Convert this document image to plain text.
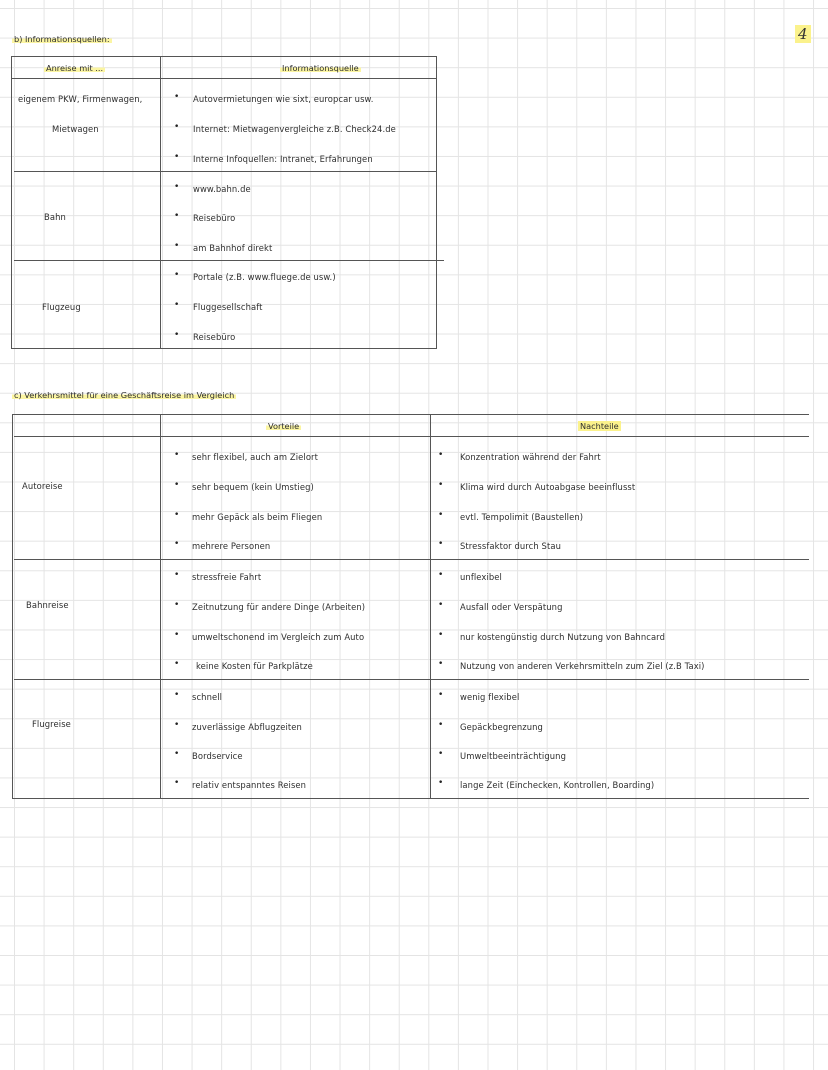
4
b) Informationsquellen:
Anreise mit ...	Informationsquelle
eigenem PKW, Firmenwagen,
Mietwagen
• Autovermietungen wie sixt, europcar usw.
• Internet: Mietwagenvergleiche z.B. Check24.de
• Interne Infoquellen: Intranet, Erfahrungen
Bahn
• www.bahn.de
• Reisebüro
• am Bahnhof direkt
Flugzeug
• Portale (z.B. www.fluege.de usw.)
• Fluggesellschaft
• Reisebüro
c) Verkehrsmittel für eine Geschäftsreise im Vergleich
Vorteile	Nachteile
Autoreise
• sehr flexibel, auch am Zielort
• sehr bequem (kein Umstieg)
• mehr Gepäck als beim Fliegen
• mehrere Personen
• Konzentration während der Fahrt
• Klima wird durch Autoabgase beeinflusst
• evtl. Tempolimit (Baustellen)
• Stressfaktor durch Stau
Bahnreise
• stressfreie Fahrt
• Zeitnutzung für andere Dinge (Arbeiten)
• umweltschonend im Vergleich zum Auto
• keine Kosten für Parkplätze
• unflexibel
• Ausfall oder Verspätung
• nur kostengünstig durch Nutzung von Bahncard
• Nutzung von anderen Verkehrsmitteln zum Ziel (z.B Taxi)
Flugreise
• schnell
• zuverlässige Abflugzeiten
• Bordservice
• relativ entspanntes Reisen
• wenig flexibel
• Gepäckbegrenzung
• Umweltbeeinträchtigung
• lange Zeit (Einchecken, Kontrollen, Boarding)
